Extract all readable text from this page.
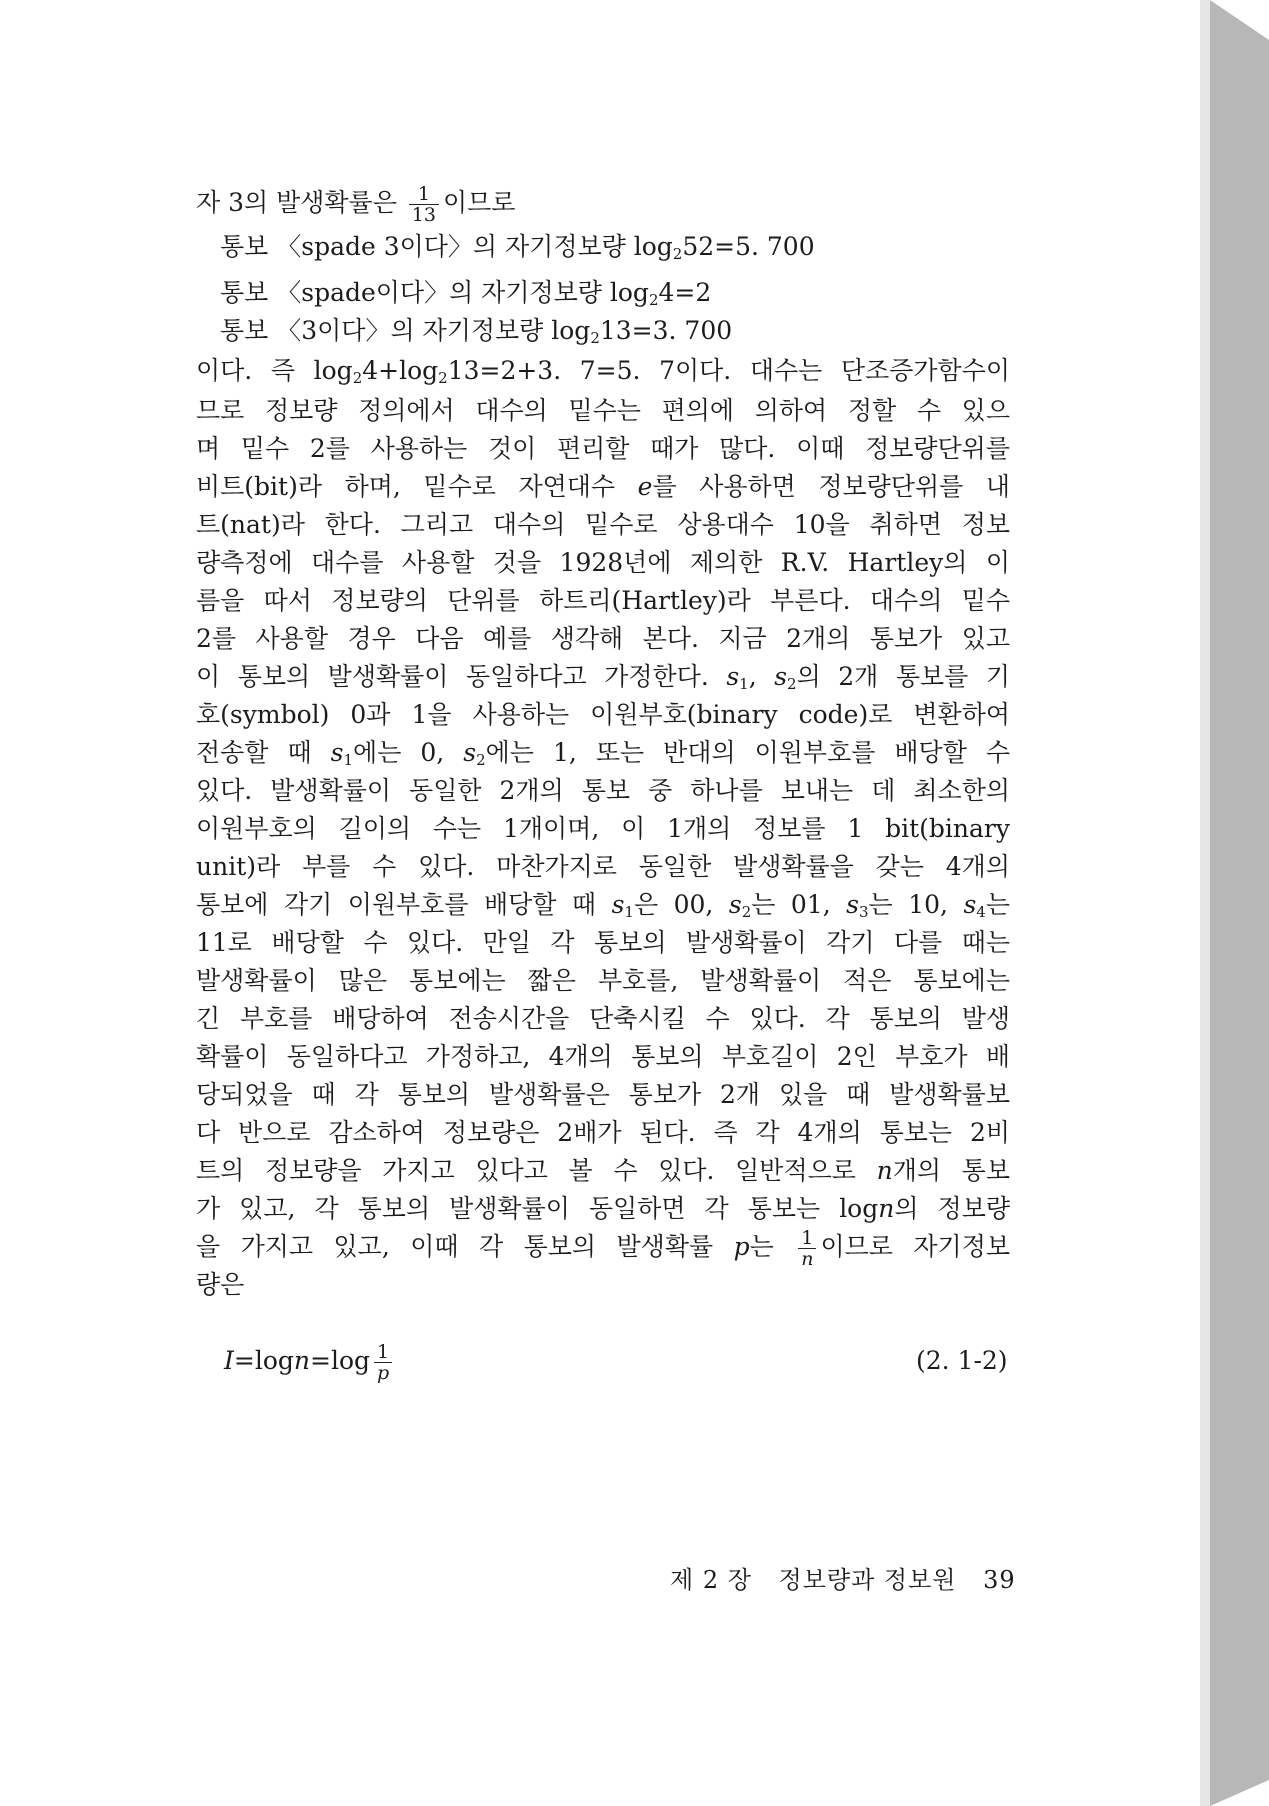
자 3의 발생확률은 $\frac{1}{13}$ 이므로
통보 〈spade 3이다〉의 자기정보량 $\log_252=5$. 700
통보 〈spade이다〉의 자기정보량 $\log_24=2$
통보 〈3이다〉의 자기정보량 $\log_213=3$. 700
이다. 즉 $\log_24+\log_213=2+3$. 7=5. 7이다. 대수는 단조증가함수이
므로 정보량 정의에서 대수의 밑수는 편의에 의하여 정할 수 있으
며 밑수 2를 사용하는 것이 편리할 때가 많다. 이때 정보량단위를
비트(bit)라 하며, 밑수로 자연대수 e를 사용하면 정보량단위를 내
트(nat)라 한다. 그리고 대수의 밑수로 상용대수 10을 취하면 정보
량측정에 대수를 사용할 것을 1928년에 제의한 R.V. Hartley의 이
름을 따서 정보량의 단위를 하트리(Hartley)라 부른다. 대수의 밑수
2를 사용할 경우 다음 예를 생각해 본다. 지금 2개의 통보가 있고
이 통보의 발생확률이 동일하다고 가정한다. $s_1$, $s_2$의 2개 통보를 기
호(symbol) 0과 1을 사용하는 이원부호(binary code)로 변환하여
전송할 때 $s_1$에는 0, $s_2$에는 1, 또는 반대의 이원부호를 배당할 수
있다. 발생확률이 동일한 2개의 통보 중 하나를 보내는 데 최소한의
이원부호의 길이의 수는 1개이며, 이 1개의 정보를 1 bit(binary
unit)라 부를 수 있다. 마찬가지로 동일한 발생확률을 갖는 4개의
통보에 각기 이원부호를 배당할 때 $s_1$은 00, $s_2$는 01, $s_3$는 10, $s_4$는
11로 배당할 수 있다. 만일 각 통보의 발생확률이 각기 다를 때는
발생확률이 많은 통보에는 짧은 부호를, 발생확률이 적은 통보에는
긴 부호를 배당하여 전송시간을 단축시킬 수 있다. 각 통보의 발생
확률이 동일하다고 가정하고, 4개의 통보의 부호길이 2인 부호가 배
당되었을 때 각 통보의 발생확률은 통보가 2개 있을 때 발생확률보
다 반으로 감소하여 정보량은 2배가 된다. 즉 각 4개의 통보는 2비
트의 정보량을 가지고 있다고 볼 수 있다. 일반적으로 n개의 통보
가 있고, 각 통보의 발생확률이 동일하면 각 통보는 logn의 정보량
을 가지고 있고, 이때 각 통보의 발생확률 p는 $\frac{1}{n}$ 이므로 자기정보
량은
$I=\log n=\log \frac{1}{p}$	(2. 1-2)
제 2 장 정보량과 정보원 39
